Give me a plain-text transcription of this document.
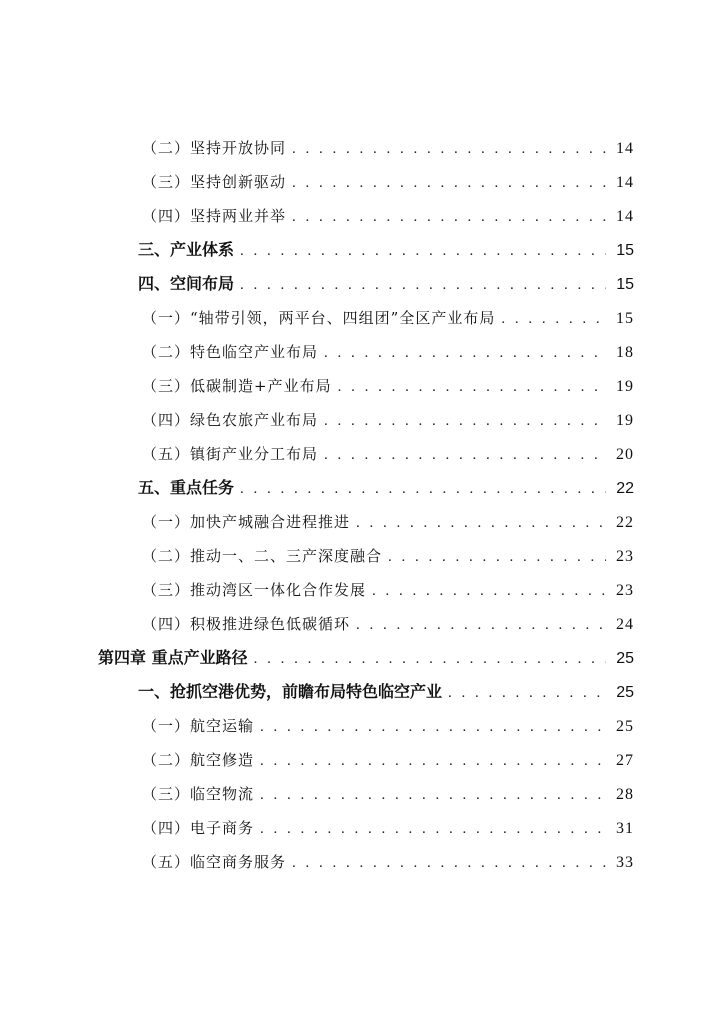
（二）坚持开放协同 . . .	14
（三）坚持创新驱动 . . .	14
（四）坚持两业并举 . . .	14
三、产业体系 . . .	15
四、空间布局 . . .	15
（一）“轴带引领，两平台、四组团”全区产业布局 . . .	15
（二）特色临空产业布局 . . .	18
（三）低碳制造+产业布局 . . .	19
（四）绿色农旅产业布局 . . .	19
（五）镇街产业分工布局 . . .	20
五、重点任务 . . .	22
（一）加快产城融合进程推进 . . .	22
（二）推动一、二、三产深度融合 . . .	23
（三）推动湾区一体化合作发展 . . .	23
（四）积极推进绿色低碳循环 . . .	24
第四章 重点产业路径 . . .	25
一、抢抓空港优势，前瞻布局特色临空产业 . . .	25
（一）航空运输 . . .	25
（二）航空修造 . . .	27
（三）临空物流 . . .	28
（四）电子商务 . . .	31
（五）临空商务服务 . . .	33
